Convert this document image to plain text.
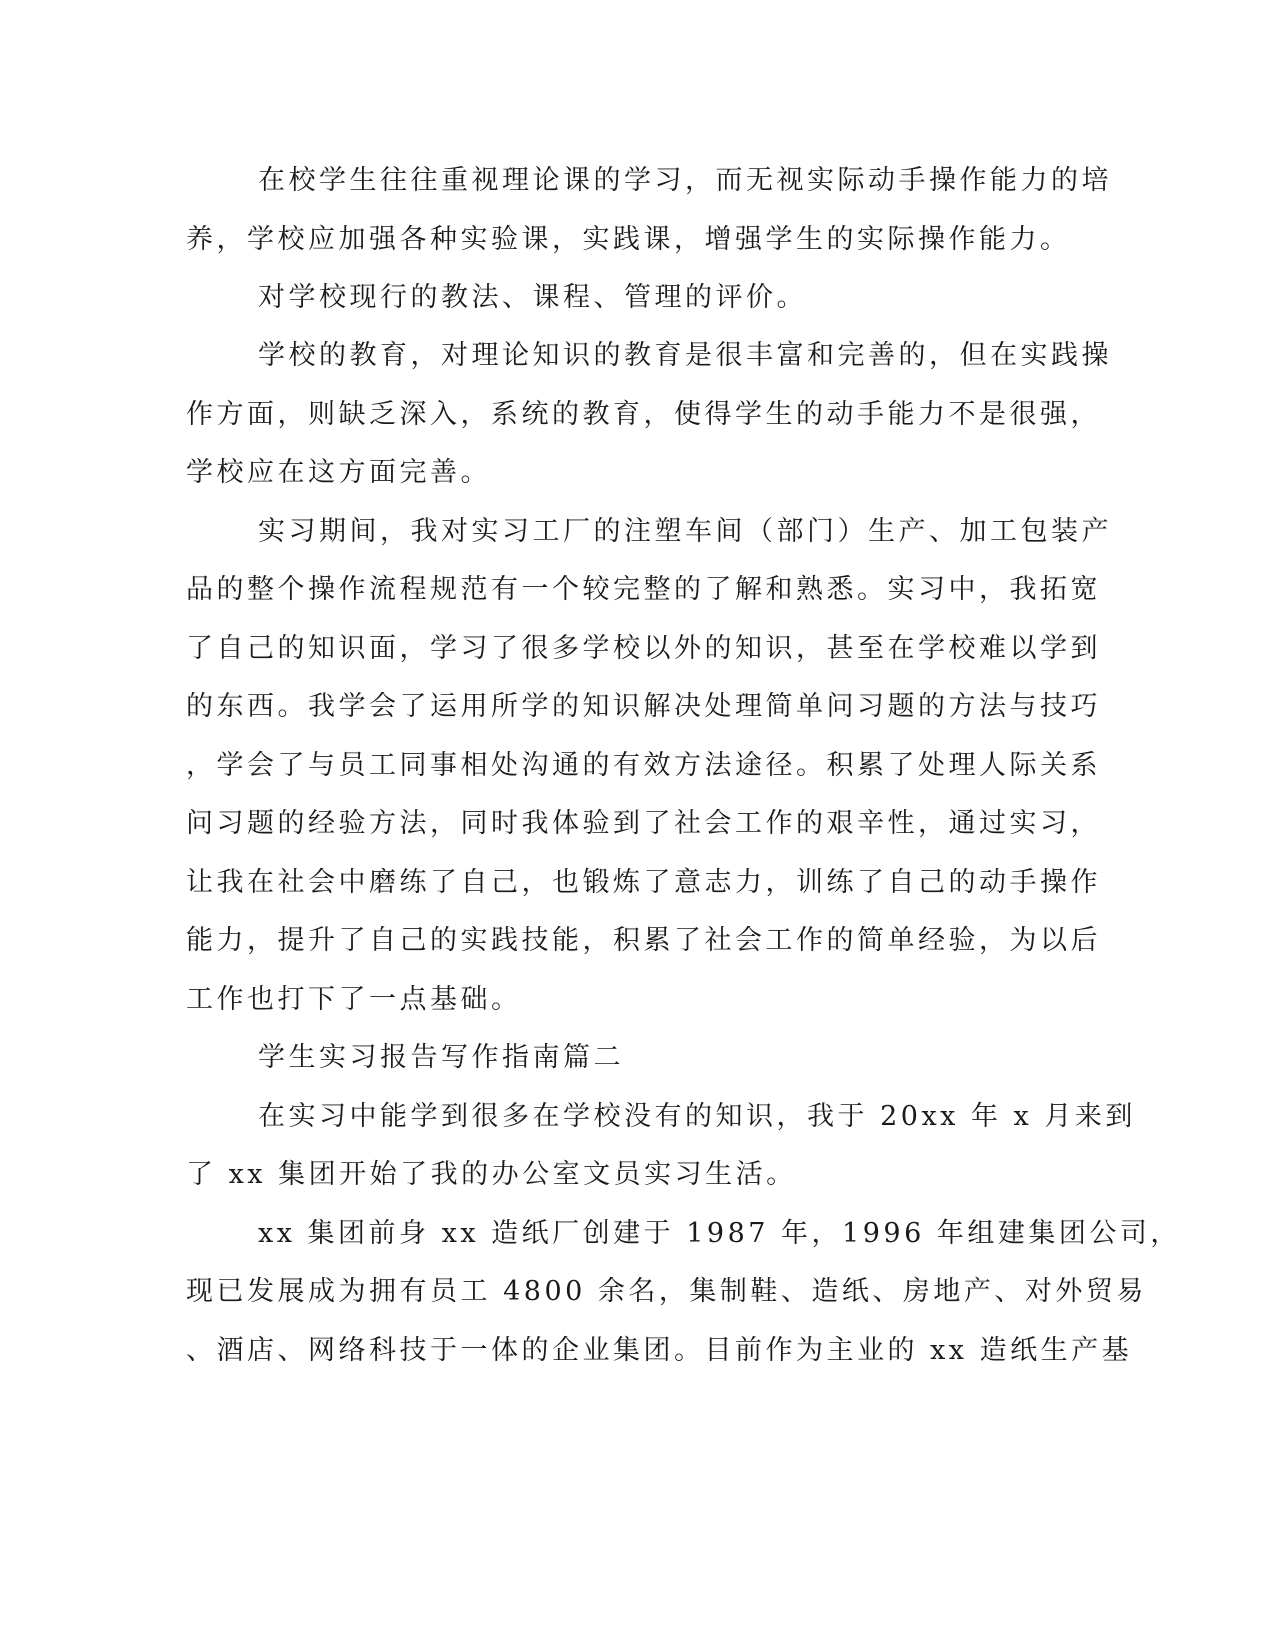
在校学生往往重视理论课的学习，而无视实际动手操作能力的培
养，学校应加强各种实验课，实践课，增强学生的实际操作能力。
对学校现行的教法、课程、管理的评价。
学校的教育，对理论知识的教育是很丰富和完善的，但在实践操
作方面，则缺乏深入，系统的教育，使得学生的动手能力不是很强，
学校应在这方面完善。
实习期间，我对实习工厂的注塑车间（部门）生产、加工包装产
品的整个操作流程规范有一个较完整的了解和熟悉。实习中，我拓宽
了自己的知识面，学习了很多学校以外的知识，甚至在学校难以学到
的东西。我学会了运用所学的知识解决处理简单问习题的方法与技巧
，学会了与员工同事相处沟通的有效方法途径。积累了处理人际关系
问习题的经验方法，同时我体验到了社会工作的艰辛性，通过实习，
让我在社会中磨练了自己，也锻炼了意志力，训练了自己的动手操作
能力，提升了自己的实践技能，积累了社会工作的简单经验，为以后
工作也打下了一点基础。
学生实习报告写作指南篇二
在实习中能学到很多在学校没有的知识，我于 20xx 年 x 月来到
了 xx 集团开始了我的办公室文员实习生活。
xx 集团前身 xx 造纸厂创建于 1987 年，1996 年组建集团公司，
现已发展成为拥有员工 4800 余名，集制鞋、造纸、房地产、对外贸易
、酒店、网络科技于一体的企业集团。目前作为主业的 xx 造纸生产基
